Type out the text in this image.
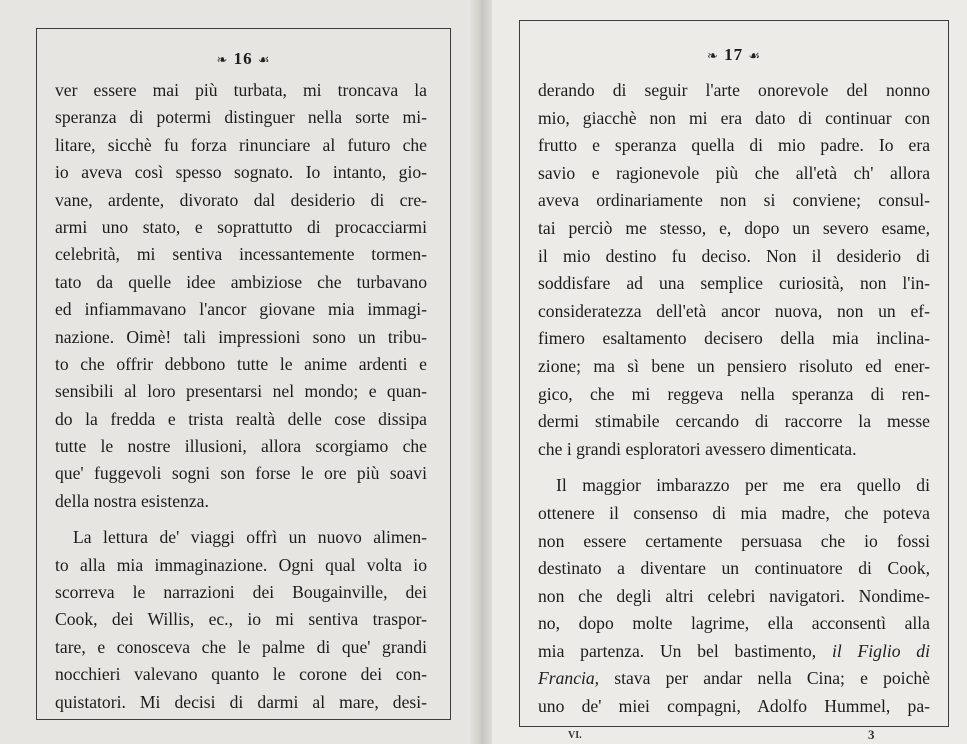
❧ 16 ☙
ver essere mai più turbata, mi troncava la
speranza di potermi distinguer nella sorte mi-
litare, sicchè fu forza rinunciare al futuro che
io aveva così spesso sognato. Io intanto, gio-
vane, ardente, divorato dal desiderio di cre-
armi uno stato, e soprattutto di procacciarmi
celebrità, mi sentiva incessantemente tormen-
tato da quelle idee ambiziose che turbavano
ed infiammavano l'ancor giovane mia immagi-
nazione. Oimè! tali impressioni sono un tribu-
to che offrir debbono tutte le anime ardenti e
sensibili al loro presentarsi nel mondo; e quan-
do la fredda e trista realtà delle cose dissipa
tutte le nostre illusioni, allora scorgiamo che
que' fuggevoli sogni son forse le ore più soavi
della nostra esistenza.
La lettura de' viaggi offrì un nuovo alimen-
to alla mia immaginazione. Ogni qual volta io
scorreva le narrazioni dei Bougainville, dei
Cook, dei Willis, ec., io mi sentiva traspor-
tare, e conosceva che le palme di que' grandi
nocchieri valevano quanto le corone dei con-
quistatori. Mi decisi di darmi al mare, desi-
❧ 17 ☙
derando di seguir l'arte onorevole del nonno
mio, giacchè non mi era dato di continuar con
frutto e speranza quella di mio padre. Io era
savio e ragionevole più che all'età ch' allora
aveva ordinariamente non si conviene; consul-
tai perciò me stesso, e, dopo un severo esame,
il mio destino fu deciso. Non il desiderio di
soddisfare ad una semplice curiosità, non l'in-
consideratezza dell'età ancor nuova, non un ef-
fimero esaltamento decisero della mia inclina-
zione; ma sì bene un pensiero risoluto ed ener-
gico, che mi reggeva nella speranza di ren-
dermi stimabile cercando di raccorre la messe
che i grandi esploratori avessero dimenticata.
Il maggior imbarazzo per me era quello di
ottenere il consenso di mia madre, che poteva
non essere certamente persuasa che io fossi
destinato a diventare un continuatore di Cook,
non che degli altri celebri navigatori. Nondime-
no, dopo molte lagrime, ella acconsentì alla
mia partenza. Un bel bastimento, il Figlio di
Francia, stava per andar nella Cina; e poichè
uno de' miei compagni, Adolfo Hummel, pa-
VI.	3
